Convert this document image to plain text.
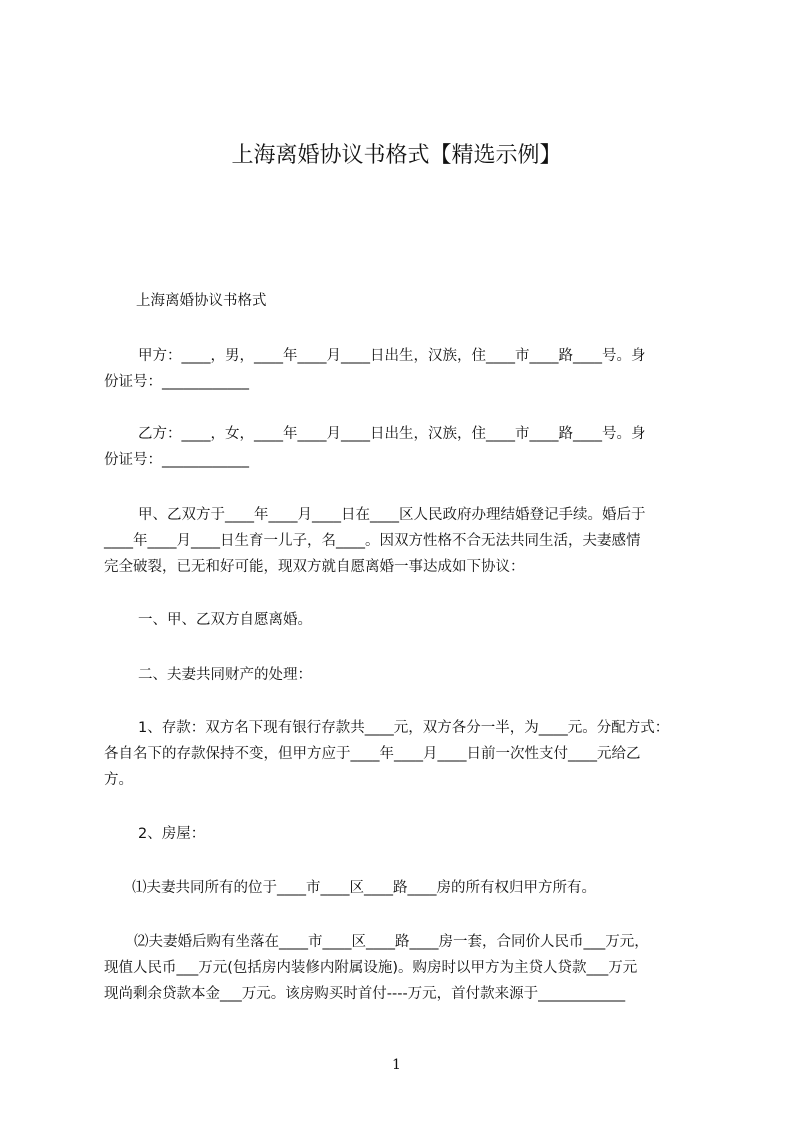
上海离婚协议书格式【精选示例】
上海离婚协议书格式
甲方：____，男，____年____月____日出生，汉族，住____市____路____号。身
份证号：____________
乙方：____，女，____年____月____日出生，汉族，住____市____路____号。身
份证号：____________
甲、乙双方于____年____月____日在____区人民政府办理结婚登记手续。婚后于
____年____月____日生育一儿子，名____。因双方性格不合无法共同生活，夫妻感情
完全破裂，已无和好可能，现双方就自愿离婚一事达成如下协议：
一、甲、乙双方自愿离婚。
二、夫妻共同财产的处理：
1、存款：双方名下现有银行存款共____元，双方各分一半，为____元。分配方式：
各自名下的存款保持不变，但甲方应于____年____月____日前一次性支付____元给乙
方。
2、房屋：
⑴夫妻共同所有的位于____市____区____路____房的所有权归甲方所有。
⑵夫妻婚后购有坐落在____市____区____路____房一套，合同价人民币___万元，
现值人民币___万元(包括房内装修内附属设施)。购房时以甲方为主贷人贷款___万元
现尚剩余贷款本金___万元。该房购买时首付----万元，首付款来源于____________
1
